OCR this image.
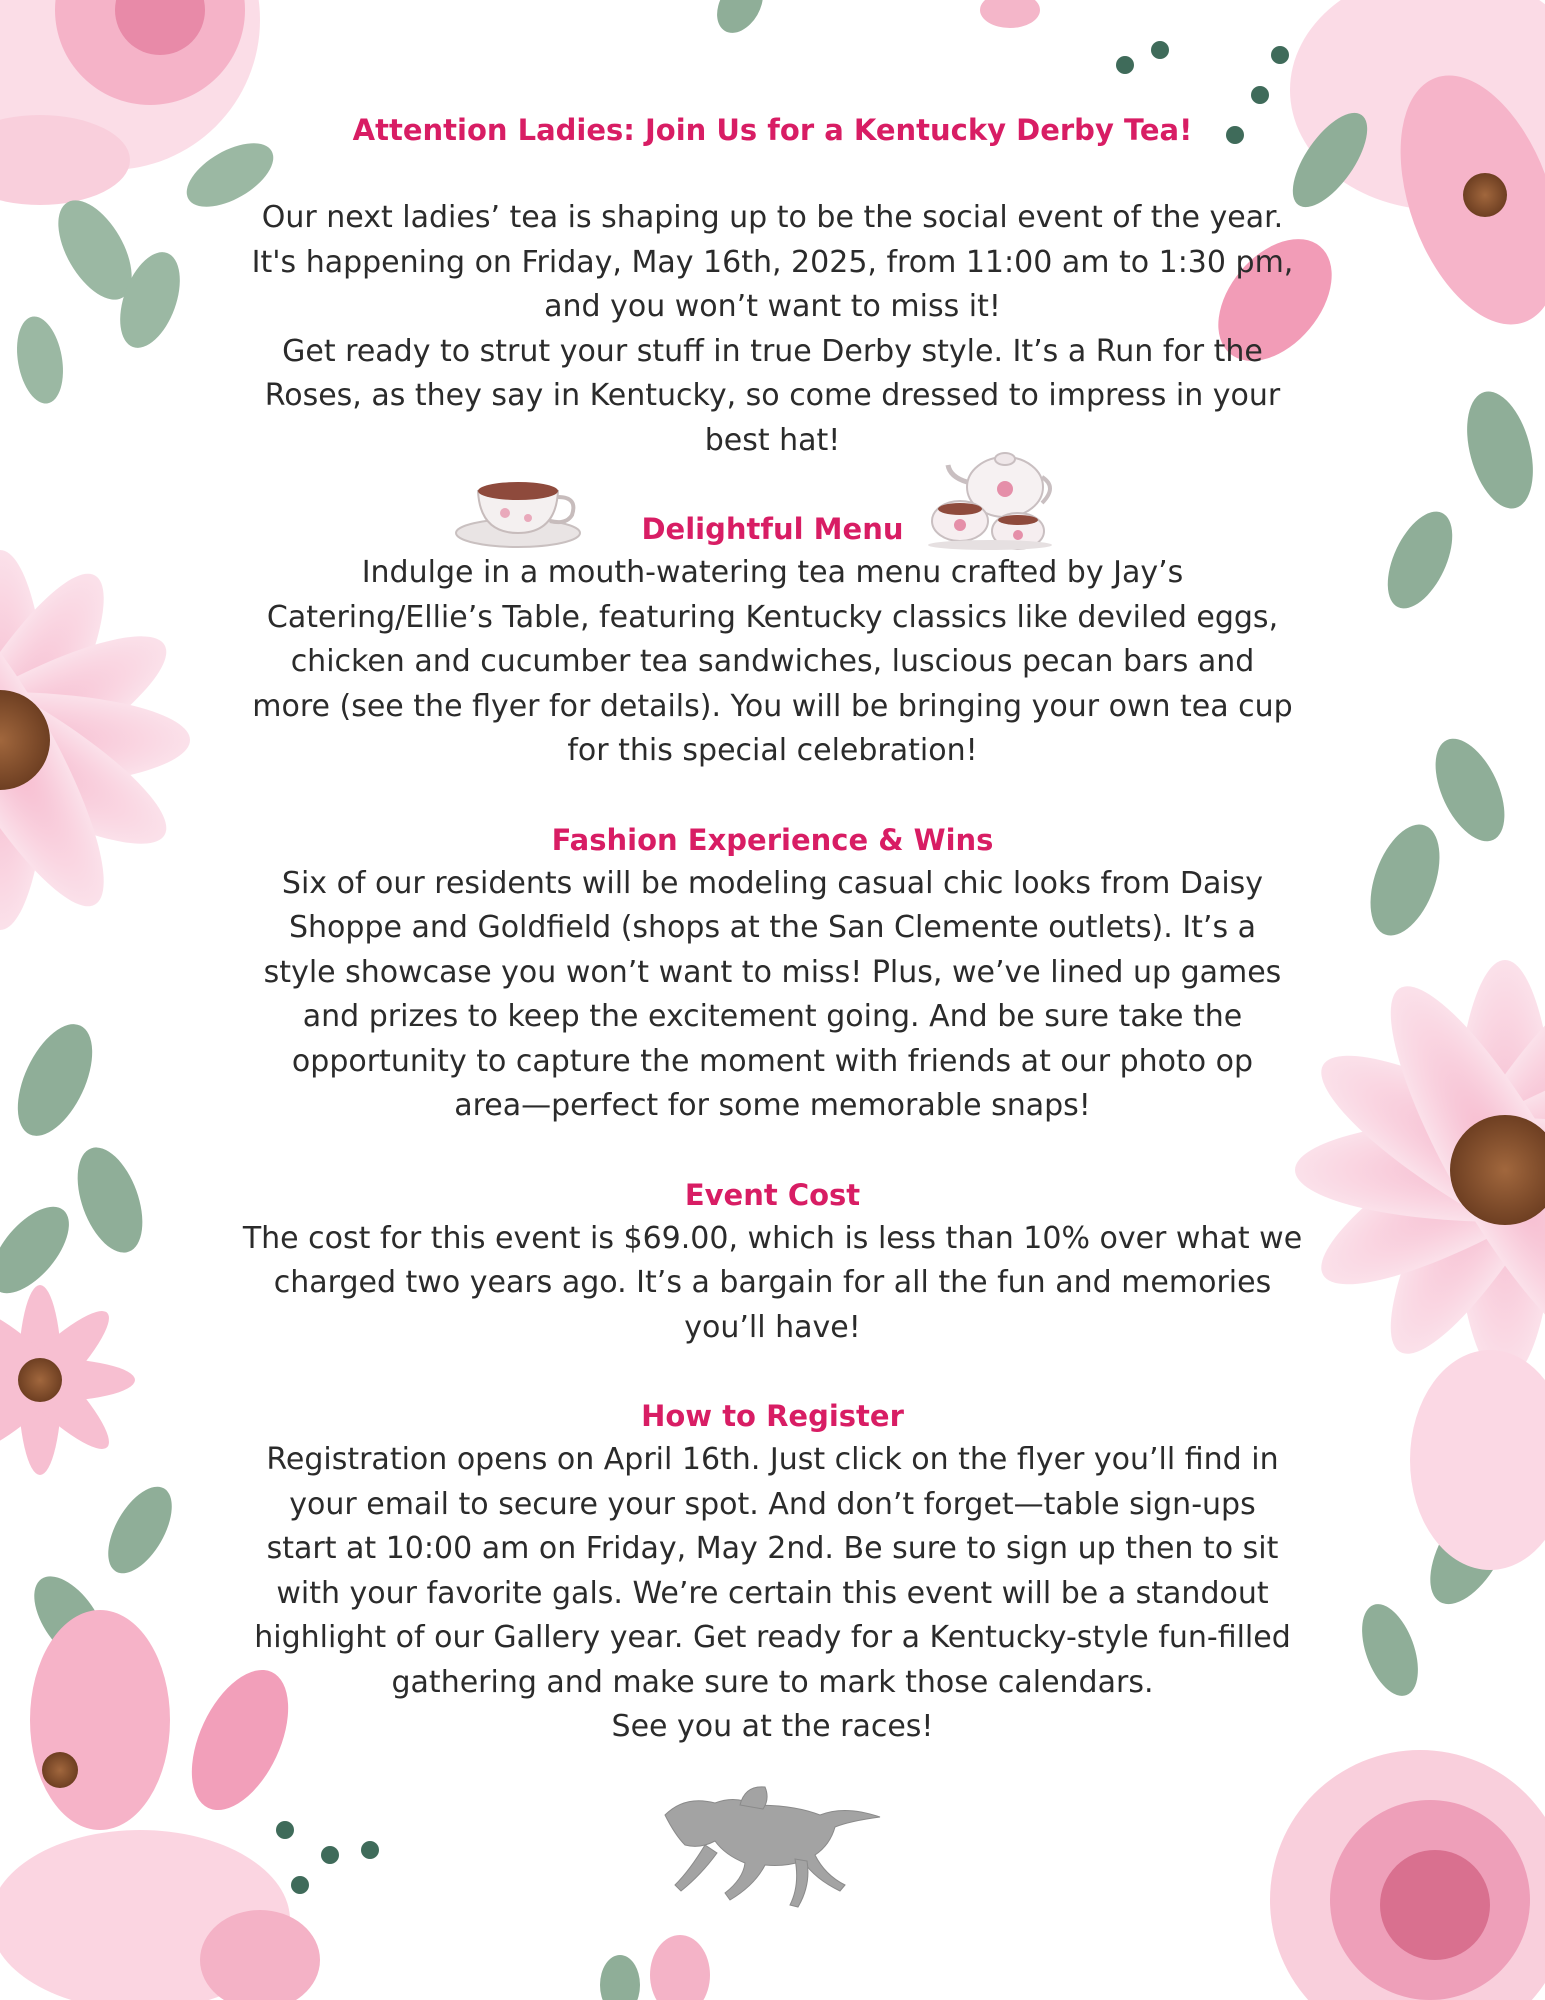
Attention Ladies: Join Us for a Kentucky Derby Tea!

Our next ladies’ tea is shaping up to be the social event of the year.

It's happening on Friday, May 16th, 2025, from 11:00 am to 1:30 pm,

and you won’t want to miss it!

Get ready to strut your stuff in true Derby style. It’s a Run for the

Roses, as they say in Kentucky, so come dressed to impress in your

best hat!

Delightful Menu

Indulge in a mouth-watering tea menu crafted by Jay’s

Catering/Ellie’s Table, featuring Kentucky classics like deviled eggs,

chicken and cucumber tea sandwiches, luscious pecan bars and

more (see the flyer for details). You will be bringing your own tea cup

for this special celebration!

Fashion Experience & Wins

Six of our residents will be modeling casual chic looks from Daisy

Shoppe and Goldfield (shops at the San Clemente outlets). It’s a

style showcase you won’t want to miss! Plus, we’ve lined up games

and prizes to keep the excitement going. And be sure take the

opportunity to capture the moment with friends at our photo op

area—perfect for some memorable snaps!

Event Cost

The cost for this event is $69.00, which is less than 10% over what we

charged two years ago. It’s a bargain for all the fun and memories

you’ll have!

How to Register

Registration opens on April 16th. Just click on the flyer you’ll find in

your email to secure your spot. And don’t forget—table sign-ups

start at 10:00 am on Friday, May 2nd. Be sure to sign up then to sit

with your favorite gals. We’re certain this event will be a standout

highlight of our Gallery year. Get ready for a Kentucky-style fun-filled

gathering and make sure to mark those calendars.

See you at the races!
